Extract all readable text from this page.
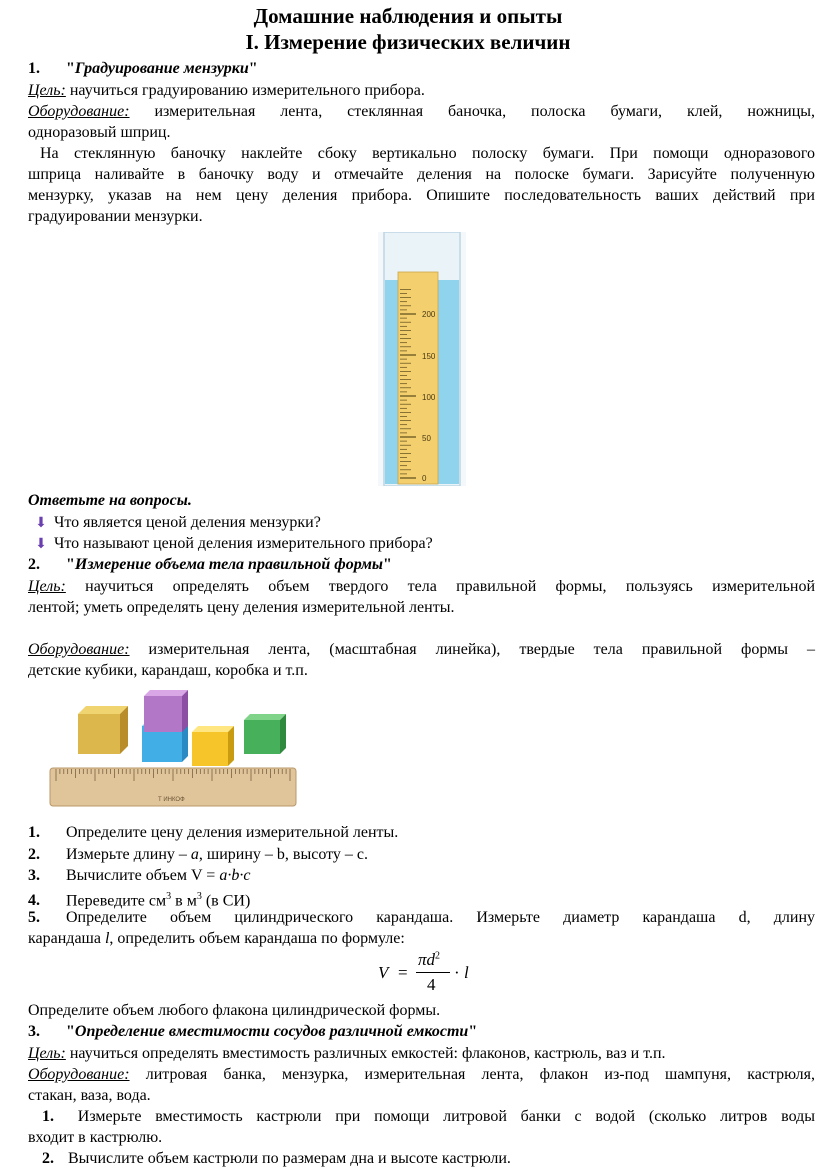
Домашние наблюдения и опыты
I. Измерение физических величин
1. "Градуирование мензурки"
Цель: научиться градуированию измерительного прибора.
Оборудование: измерительная лента, стеклянная баночка, полоска бумаги, клей, ножницы,
одноразовый шприц.
На стеклянную баночку наклейте сбоку вертикально полоску бумаги. При помощи одноразового
шприца наливайте в баночку воду и отмечайте деления на полоске бумаги. Зарисуйте полученную
мензурку, указав на нем цену деления прибора. Опишите последовательность ваших действий при
градуировании мензурки.
200
150
100
50
0
Ответьте на вопросы.
⬇ Что является ценой деления мензурки?
⬇ Что называют ценой деления измерительного прибора?
2. "Измерение объема тела правильной формы"
Цель: научиться определять объем твердого тела правильной формы, пользуясь измерительной
лентой; уметь определять цену деления измерительной ленты.
Оборудование: измерительная лента, (масштабная линейка), твердые тела правильной формы –
детские кубики, карандаш, коробка и т.п.
Т ИНКОФ
1. Определите цену деления измерительной ленты.
2. Измерьте длину – a, ширину – b, высоту – с.
3. Вычислите объем V = a·b·c
4. Переведите $см^3$ в $м^3$ (в СИ)
5. Определите объем цилиндрического карандаша. Измерьте диаметр карандаша d, длину
карандаша l, определить объем карандаша по формуле:
V =
$\pi d^2$
4
· l
Определите объем любого флакона цилиндрической формы.
3. "Определение вместимости сосудов различной емкости"
Цель: научиться определять вместимость различных емкостей: флаконов, кастрюль, ваз и т.п.
Оборудование: литровая банка, мензурка, измерительная лента, флакон из-под шампуня, кастрюля,
стакан, ваза, вода.
1. Измерьте вместимость кастрюли при помощи литровой банки с водой (сколько литров воды
входит в кастрюлю.
2. Вычислите объем кастрюли по размерам дна и высоте кастрюли.
